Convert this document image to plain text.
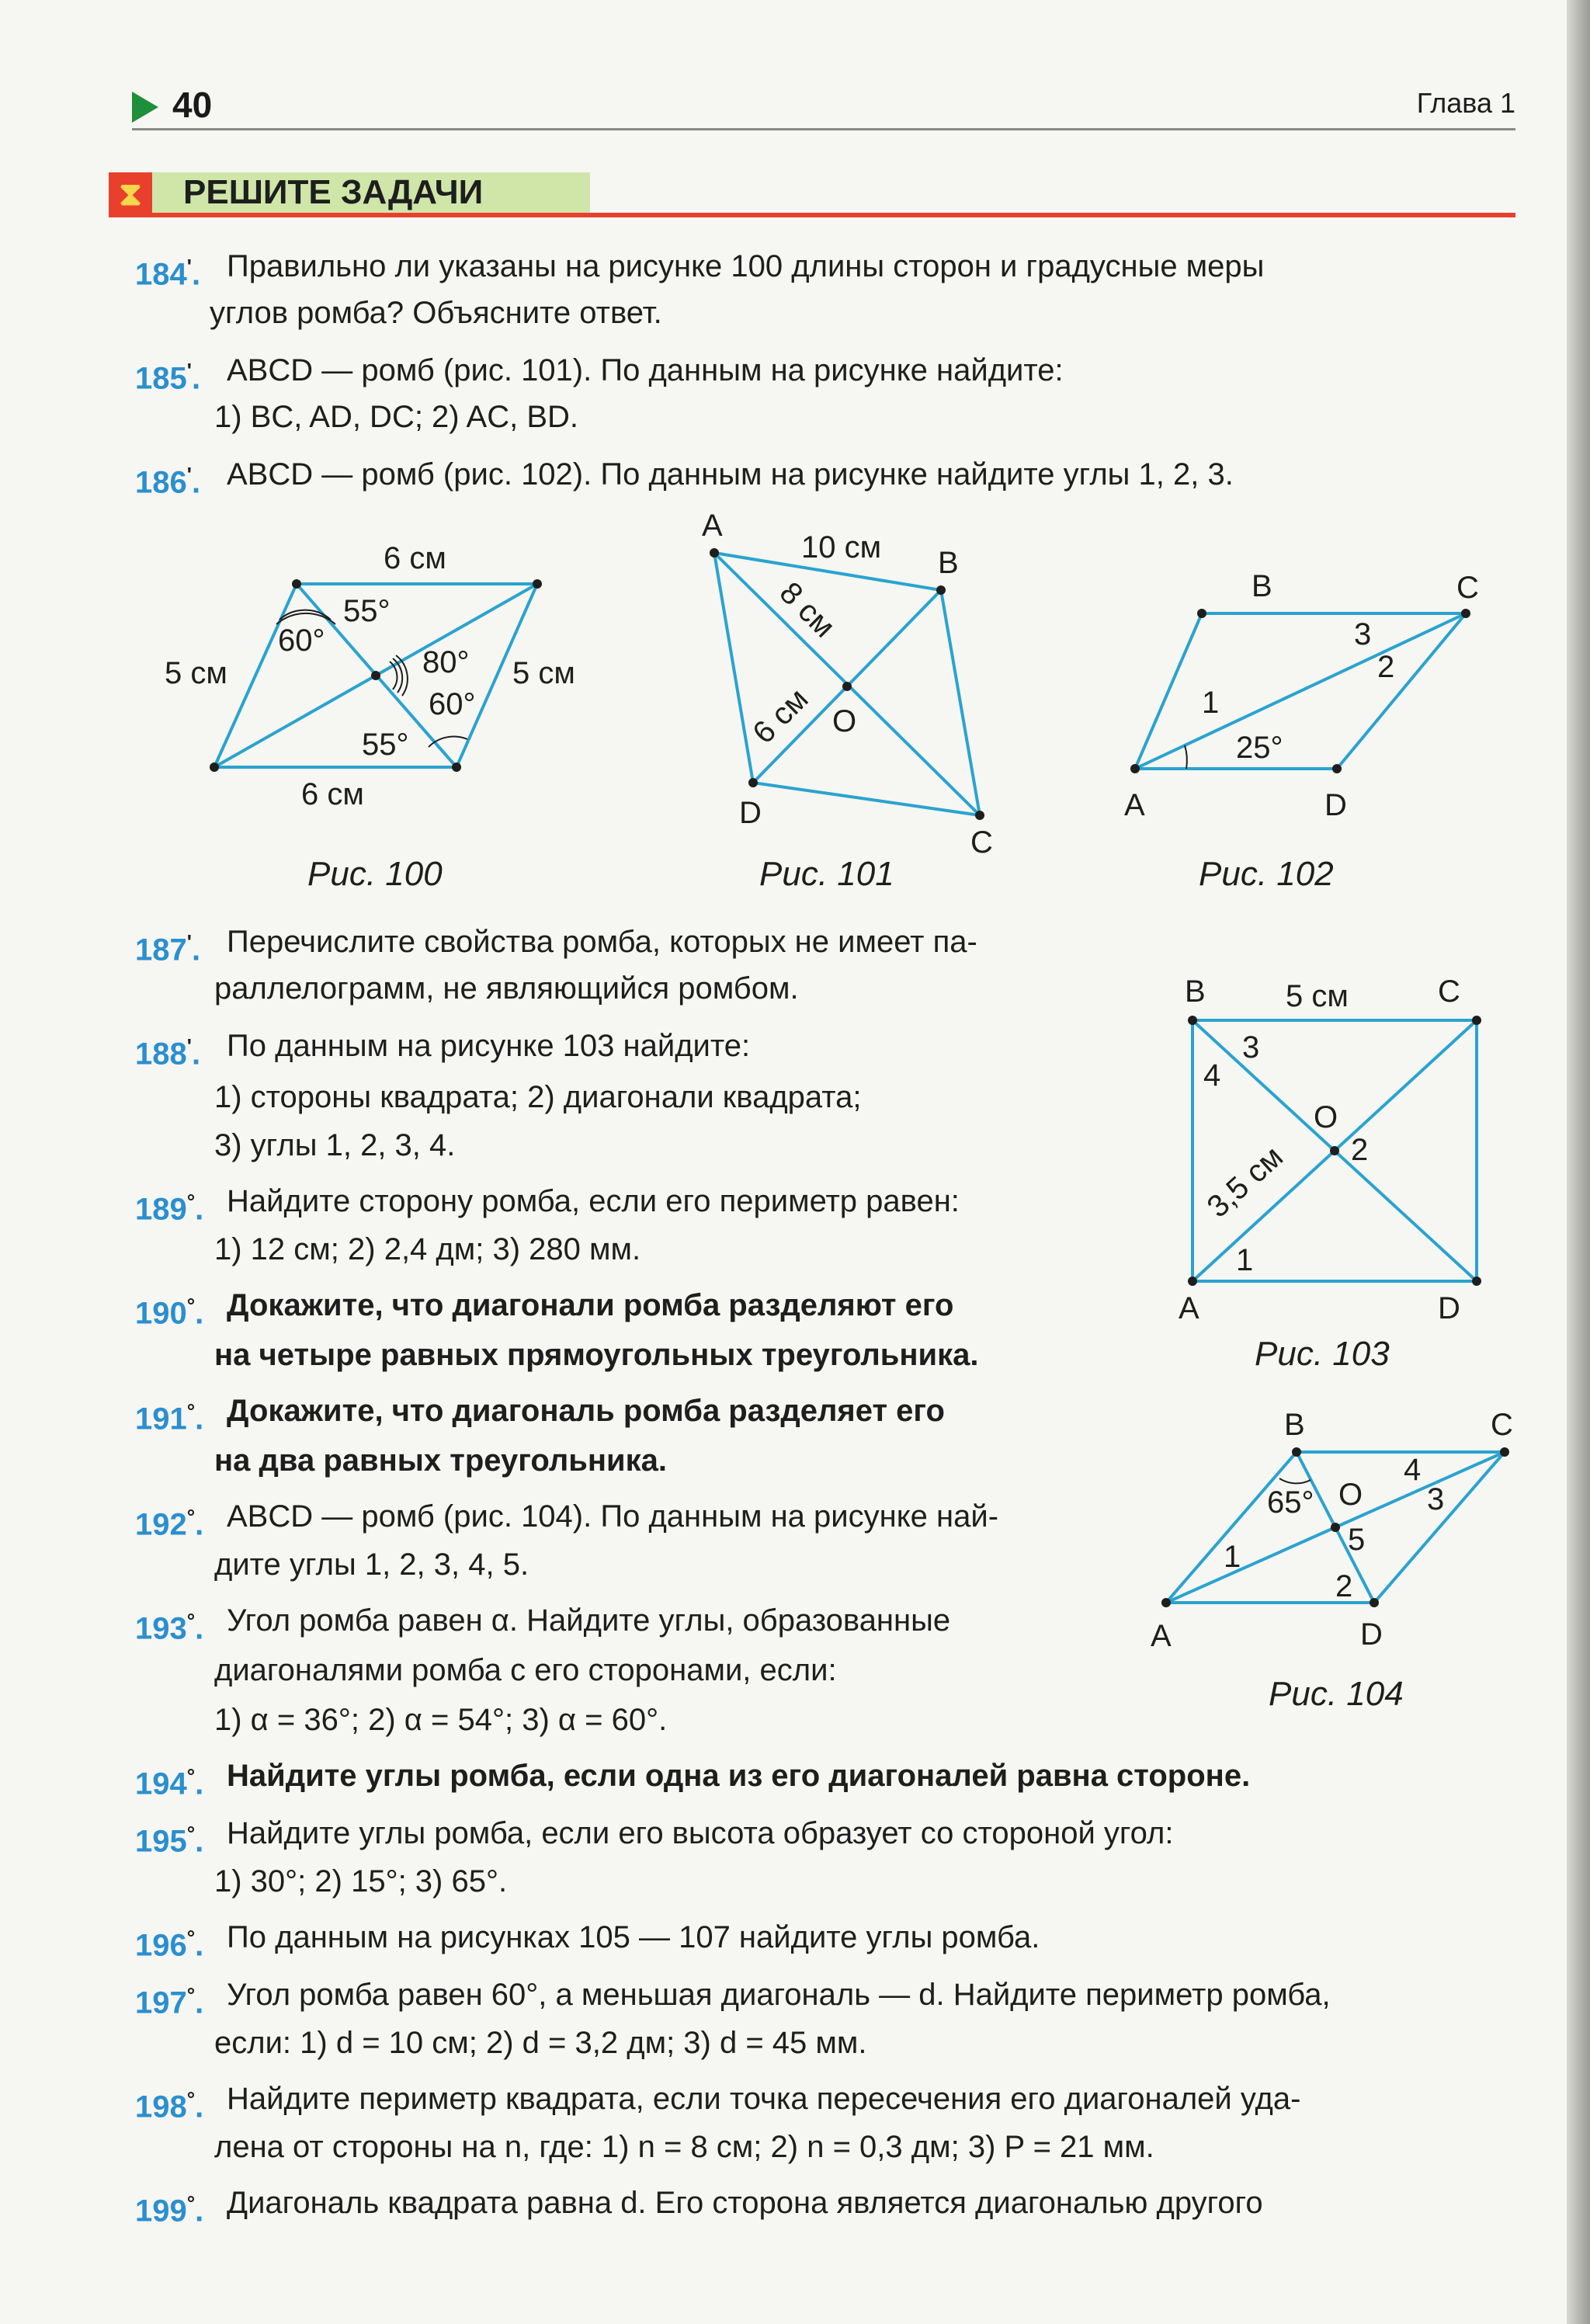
40	Глава 1
⧗	РЕШИТЕ ЗАДАЧИ
184'. Правильно ли указаны на рисунке 100 длины сторон и градусные меры
углов ромба? Объясните ответ.
185'. ABCD — ромб (рис. 101). По данным на рисунке найдите:
1) BC, AD, DC; 2) AC, BD.
186'. ABCD — ромб (рис. 102). По данным на рисунке найдите углы 1, 2, 3.
6 см
55°
60°
5 см	80°
60°
5 см
55°
6 см
Рис. 100
A
10 см B
8 см
O
6 см
D
C
Рис. 101
B	C
3
2
1
25°
A	D
Рис. 102
187'. Перечислите свойства ромба, которых не имеет па-
раллелограмм, не являющийся ромбом.
188'. По данным на рисунке 103 найдите:
1) стороны квадрата; 2) диагонали квадрата;
3) углы 1, 2, 3, 4.
189°. Найдите сторону ромба, если его периметр равен:
1) 12 см; 2) 2,4 дм; 3) 280 мм.
190°. Докажите, что диагонали ромба разделяют его
на четыре равных прямоугольных треугольника.
191°. Докажите, что диагональ ромба разделяет его
на два равных треугольника.
192°. ABCD — ромб (рис. 104). По данным на рисунке най-
дите углы 1, 2, 3, 4, 5.
193°. Угол ромба равен α. Найдите углы, образованные
диагоналями ромба с его сторонами, если:
1) α = 36°; 2) α = 54°; 3) α = 60°.
B	5 см	C
3
4
O
2
3,5 см
1
A	D
Рис. 103
B	C
4
65° O 3
5
1
2
A	D
Рис. 104
194°. Найдите углы ромба, если одна из его диагоналей равна стороне.
195°. Найдите углы ромба, если его высота образует со стороной угол:
1) 30°; 2) 15°; 3) 65°.
196°. По данным на рисунках 105 — 107 найдите углы ромба.
197°. Угол ромба равен 60°, а меньшая диагональ — d. Найдите периметр ромба,
если: 1) d = 10 см; 2) d = 3,2 дм; 3) d = 45 мм.
198°. Найдите периметр квадрата, если точка пересечения его диагоналей уда-
лена от стороны на n, где: 1) n = 8 см; 2) n = 0,3 дм; 3) P = 21 мм.
199°. Диагональ квадрата равна d. Его сторона является диагональю другого
